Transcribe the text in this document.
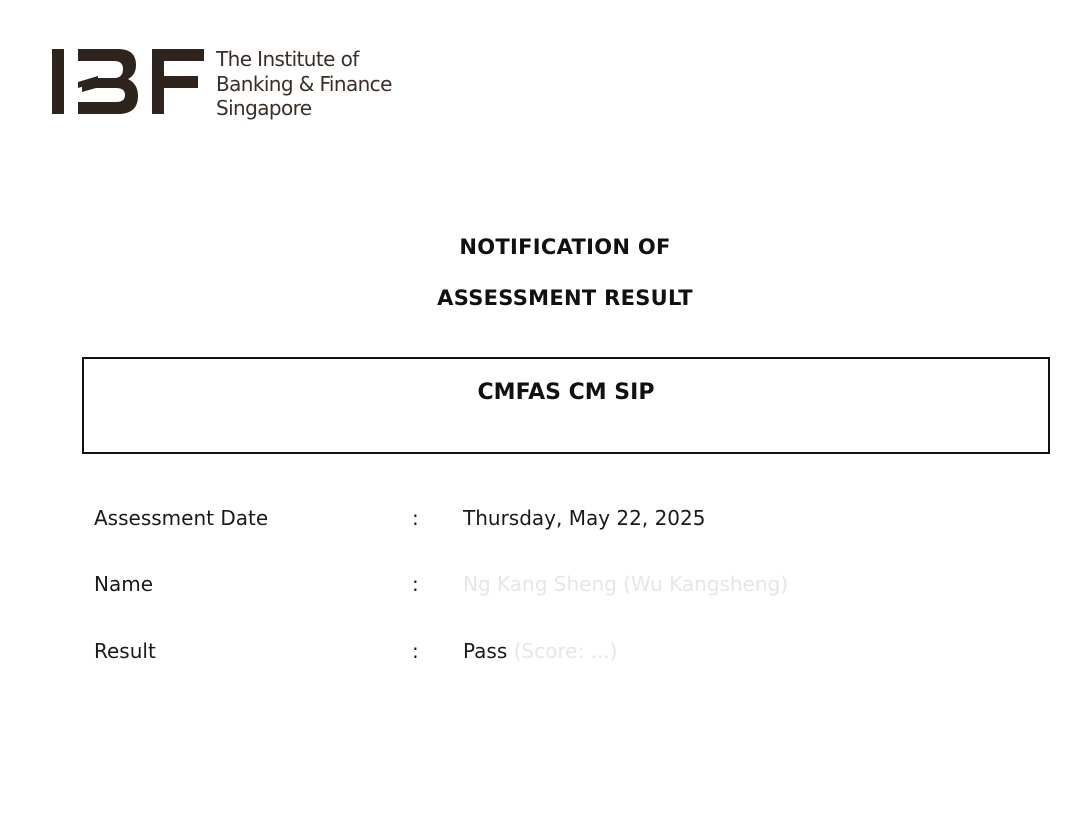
The Institute of
Banking & Finance
Singapore
NOTIFICATION OF
ASSESSMENT RESULT
CMFAS CM SIP
Assessment Date	: Thursday, May 22, 2025
Name	: Ng Kang Sheng (Wu Kangsheng)
Result	: Pass (Score: ...)
